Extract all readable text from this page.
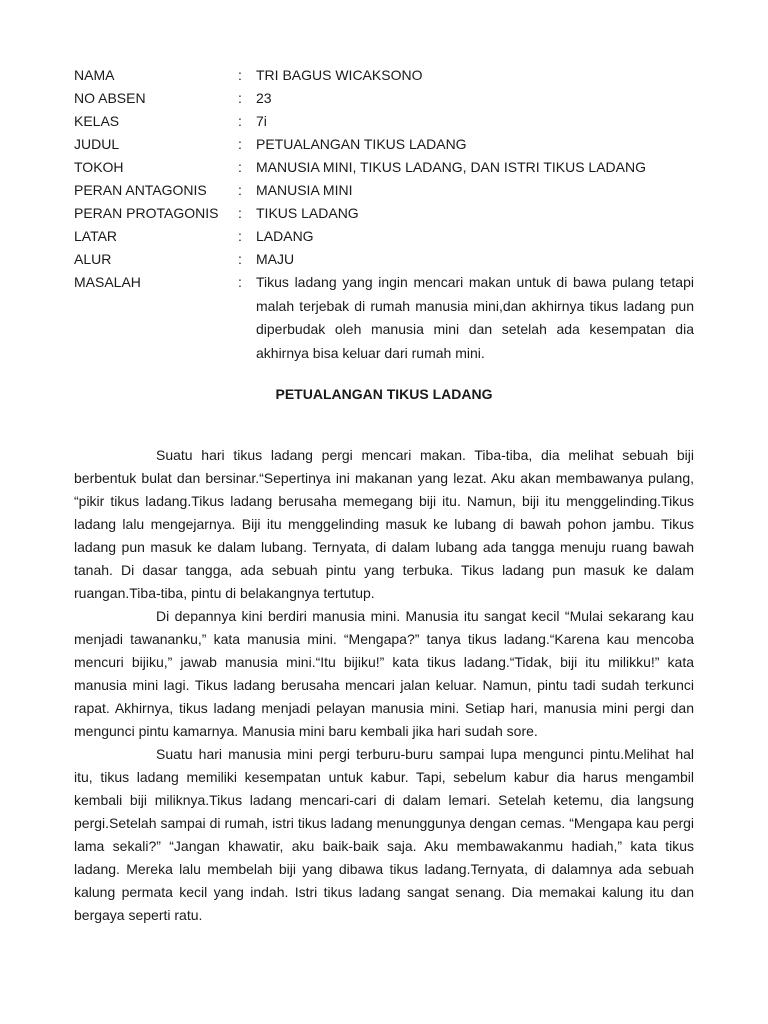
NAMA	:	TRI BAGUS WICAKSONO
NO ABSEN	:	23
KELAS	:	7i
JUDUL	:	PETUALANGAN TIKUS LADANG
TOKOH	:	MANUSIA MINI, TIKUS LADANG, DAN ISTRI TIKUS LADANG
PERAN ANTAGONIS	:	MANUSIA MINI
PERAN PROTAGONIS	:	TIKUS LADANG
LATAR	:	LADANG
ALUR	:	MAJU
MASALAH	:	Tikus ladang yang ingin mencari makan untuk di bawa pulang tetapi malah terjebak di rumah manusia mini,dan akhirnya tikus ladang pun diperbudak oleh manusia mini dan setelah ada kesempatan dia akhirnya bisa keluar dari rumah mini.
PETUALANGAN TIKUS LADANG

Suatu hari tikus ladang pergi mencari makan. Tiba-tiba, dia melihat sebuah biji berbentuk bulat dan bersinar.“Sepertinya ini makanan yang lezat. Aku akan membawanya pulang, “pikir tikus ladang.Tikus ladang berusaha memegang biji itu. Namun, biji itu menggelinding.Tikus ladang lalu mengejarnya. Biji itu menggelinding masuk ke lubang di bawah pohon jambu. Tikus ladang pun masuk ke dalam lubang. Ternyata, di dalam lubang ada tangga menuju ruang bawah tanah. Di dasar tangga, ada sebuah pintu yang terbuka. Tikus ladang pun masuk ke dalam ruangan.Tiba-tiba, pintu di belakangnya tertutup.

Di depannya kini berdiri manusia mini. Manusia itu sangat kecil “Mulai sekarang kau menjadi tawananku,” kata manusia mini. “Mengapa?” tanya tikus ladang.“Karena kau mencoba mencuri bijiku,” jawab manusia mini.“Itu bijiku!” kata tikus ladang.“Tidak, biji itu milikku!” kata manusia mini lagi. Tikus ladang berusaha mencari jalan keluar. Namun, pintu tadi sudah terkunci rapat. Akhirnya, tikus ladang menjadi pelayan manusia mini. Setiap hari, manusia mini pergi dan mengunci pintu kamarnya. Manusia mini baru kembali jika hari sudah sore.

Suatu hari manusia mini pergi terburu-buru sampai lupa mengunci pintu.Melihat hal itu, tikus ladang memiliki kesempatan untuk kabur. Tapi, sebelum kabur dia harus mengambil kembali biji miliknya.Tikus ladang mencari-cari di dalam lemari. Setelah ketemu, dia langsung pergi.Setelah sampai di rumah, istri tikus ladang menunggunya dengan cemas. “Mengapa kau pergi lama sekali?” “Jangan khawatir, aku baik-baik saja. Aku membawakanmu hadiah,” kata tikus ladang. Mereka lalu membelah biji yang dibawa tikus ladang.Ternyata, di dalamnya ada sebuah kalung permata kecil yang indah. Istri tikus ladang sangat senang. Dia memakai kalung itu dan bergaya seperti ratu.
